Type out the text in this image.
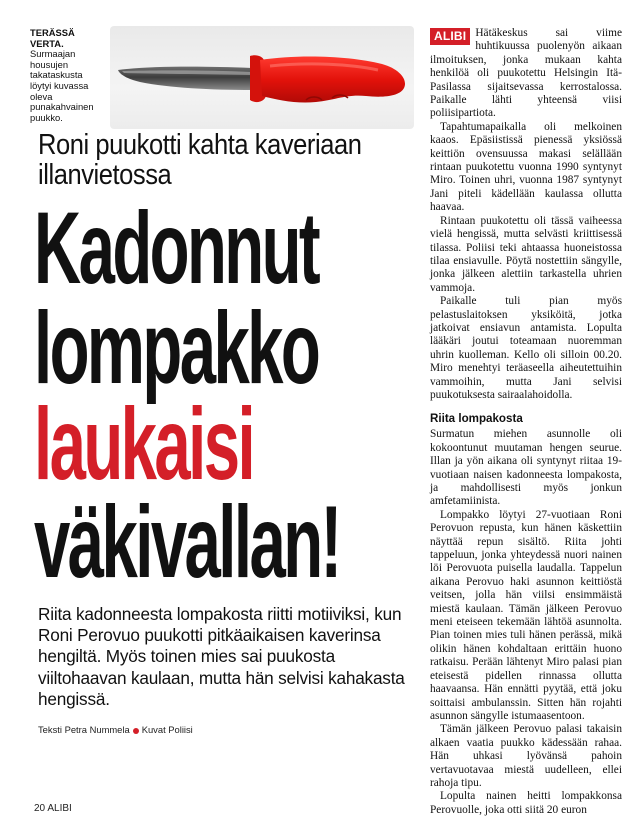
TERÄSSÄ VERTA.
Surmaajan housujen takataskusta löytyi kuvassa oleva punakahvainen puukko.
Roni puukotti kahta kaveriaan illanvietossa
Kadonnut
lompakko
laukaisi
väkivallan!
Riita kadonneesta lompakosta riitti motiiviksi, kun Roni Perovuo puukotti pitkäaikaisen kaverinsa hengiltä. Myös toinen mies sai puukosta viiltohaavan kaulaan, mutta hän selvisi kahakasta hengissä.
Teksti Petra Nummela Kuvat Poliisi
20 ALIBI

ALIBI Hätäkeskus sai viime huhtikuussa puolenyön aikaan ilmoituksen, jonka mukaan kahta henkilöä oli puukotettu Helsingin Itä-Pasilassa sijaitsevassa kerrostalossa. Paikalle lähti yhteensä viisi poliisipartiota.

Tapahtumapaikalla oli melkoinen kaaos. Epäsiistissä pienessä yksiössä keittiön ovensuussa makasi selällään rintaan puukotettu vuonna 1990 syntynyt Miro. Toinen uhri, vuonna 1987 syntynyt Jani piteli kädellään kaulassa ollutta haavaa.

Rintaan puukotettu oli tässä vaiheessa vielä hengissä, mutta selvästi kriittisessä tilassa. Poliisi teki ahtaassa huoneistossa tilaa ensiavulle. Pöytä nostettiin sängylle, jonka jälkeen alettiin tarkastella uhrien vammoja.

Paikalle tuli pian myös pelastuslaitoksen yksiköitä, jotka jatkoivat ensiavun antamista. Lopulta lääkäri joutui toteamaan nuoremman uhrin kuolleman. Kello oli silloin 00.20. Miro menehtyi teräaseella aiheutettuihin vammoihin, mutta Jani selvisi puukotuksesta sairaalahoidolla.

Riita lompakosta

Surmatun miehen asunnolle oli kokoontunut muutaman hengen seurue. Illan ja yön aikana oli syntynyt riitaa 19-vuotiaan naisen kadonneesta lompakosta, ja mahdollisesti myös jonkun amfetamiinista.

Lompakko löytyi 27-vuotiaan Roni Perovuon repusta, kun hänen käskettiin näyttää repun sisältö. Riita johti tappeluun, jonka yhteydessä nuori nainen löi Perovuota puisella laudalla. Tappelun aikana Perovuo haki asunnon keittiöstä veitsen, jolla hän viilsi ensimmäistä miestä kaulaan. Tämän jälkeen Perovuo meni eteiseen tekemään lähtöä asunnolta. Pian toinen mies tuli hänen perässä, mikä olikin hänen kohdaltaan erittäin huono ratkaisu. Perään lähtenyt Miro palasi pian eteisestä pidellen rinnassa ollutta haavaansa. Hän ennätti pyytää, että joku soittaisi ambulanssin. Sitten hän rojahti asunnon sängylle istumaasentoon.

Tämän jälkeen Perovuo palasi takaisin alkaen vaatia puukko kädessään rahaa. Hän uhkasi lyövänsä pahoin vertavuotavaa miestä uudelleen, ellei rahoja tipu.

Lopulta nainen heitti lompakkonsa Perovuolle, joka otti siitä 20 euron
